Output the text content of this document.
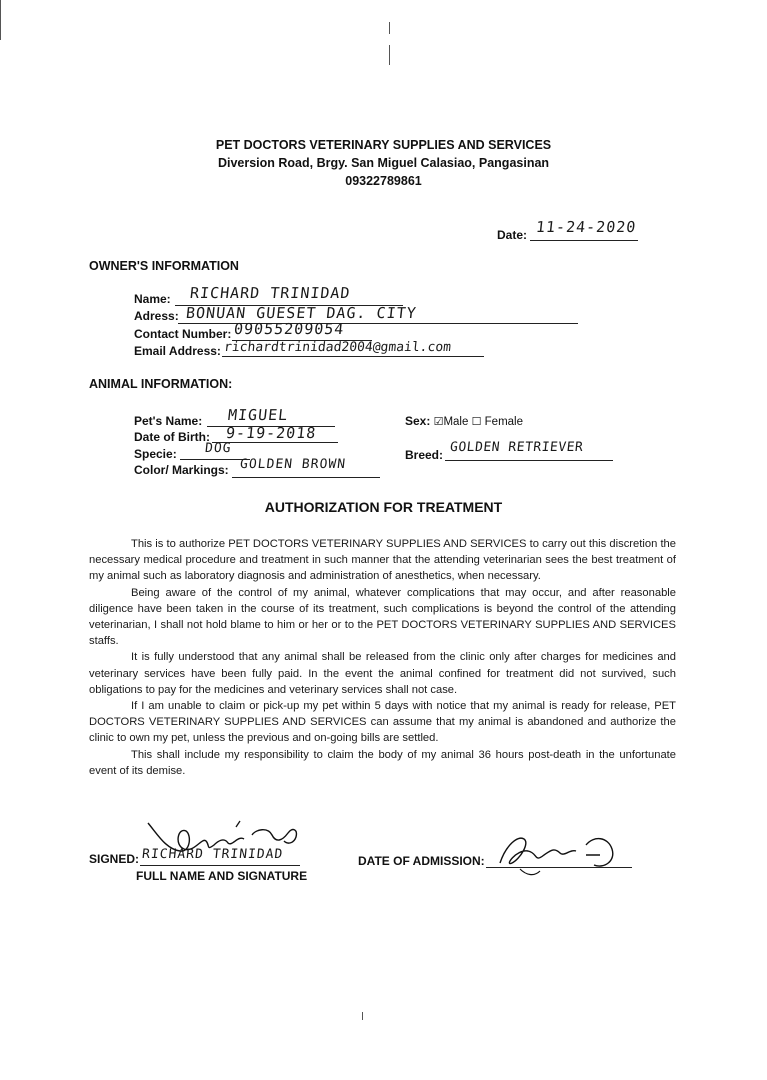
PET DOCTORS VETERINARY SUPPLIES AND SERVICES
Diversion Road, Brgy. San Miguel Calasiao, Pangasinan
09322789861
Date: 11-24-2020
OWNER'S INFORMATION
Name: RICHARD TRINIDAD
Adress: BONUAN GUESET DAG. CITY
Contact Number: 09055209054
Email Address: richardtrinidad2004@gmail.com
ANIMAL INFORMATION:
Pet's Name: MIGUEL
Date of Birth: 9-19-2018
Specie: DOG
Color/ Markings: GOLDEN BROWN
Sex: ☑Male ☐ Female
Breed: GOLDEN RETRIEVER
AUTHORIZATION FOR TREATMENT

This is to authorize PET DOCTORS VETERINARY SUPPLIES AND SERVICES to carry out this discretion the necessary medical procedure and treatment in such manner that the attending veterinarian sees the best treatment of my animal such as laboratory diagnosis and administration of anesthetics, when necessary.

Being aware of the control of my animal, whatever complications that may occur, and after reasonable diligence have been taken in the course of its treatment, such complications is beyond the control of the attending veterinarian, I shall not hold blame to him or her or to the PET DOCTORS VETERINARY SUPPLIES AND SERVICES staffs.

It is fully understood that any animal shall be released from the clinic only after charges for medicines and veterinary services have been fully paid. In the event the animal confined for treatment did not survived, such obligations to pay for the medicines and veterinary services shall not case.

If I am unable to claim or pick-up my pet within 5 days with notice that my animal is ready for release, PET DOCTORS VETERINARY SUPPLIES AND SERVICES can assume that my animal is abandoned and authorize the clinic to own my pet, unless the previous and on-going bills are settled.

This shall include my responsibility to claim the body of my animal 36 hours post-death in the unfortunate event of its demise.

SIGNED: RICHARD TRINIDAD
FULL NAME AND SIGNATURE
DATE OF ADMISSION:
